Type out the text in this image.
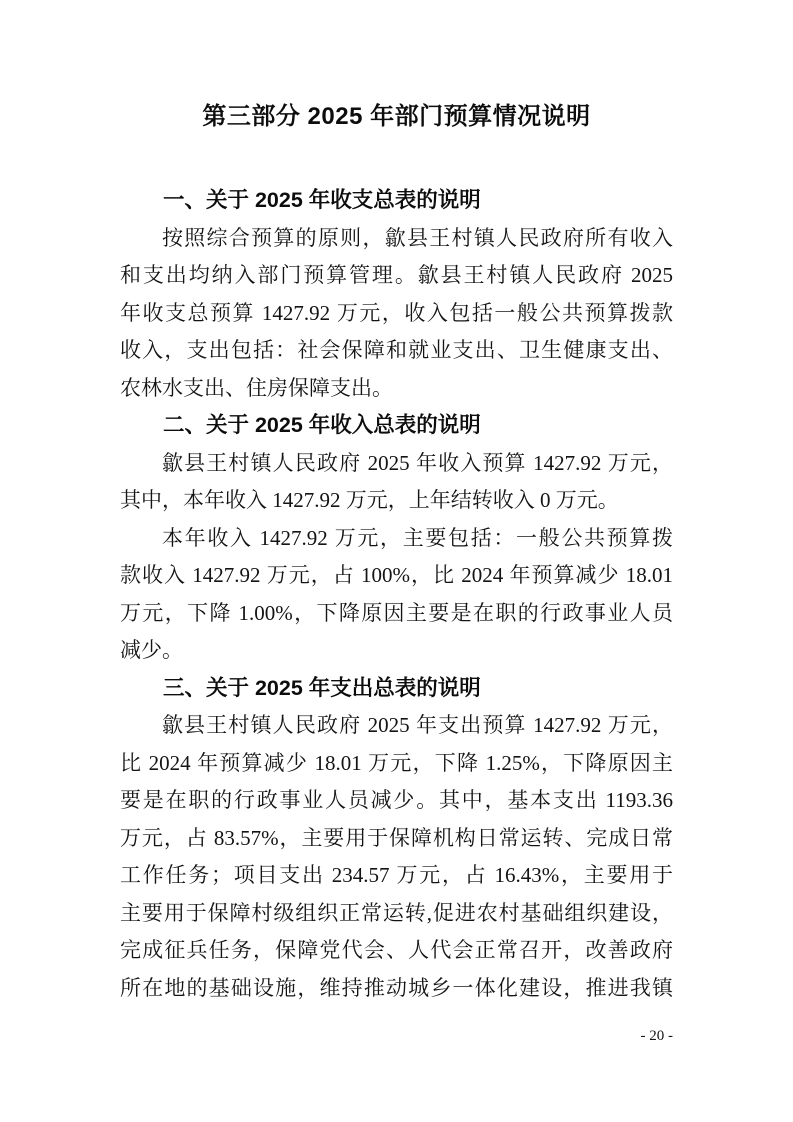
第三部分 2025 年部门预算情况说明
一、关于 2025 年收支总表的说明
按照综合预算的原则，歙县王村镇人民政府所有收入
和支出均纳入部门预算管理。歙县王村镇人民政府 2025
年收支总预算 1427.92 万元，收入包括一般公共预算拨款
收入，支出包括：社会保障和就业支出、卫生健康支出、
农林水支出、住房保障支出。
二、关于 2025 年收入总表的说明
歙县王村镇人民政府 2025 年收入预算 1427.92 万元，
其中，本年收入 1427.92 万元，上年结转收入 0 万元。
本年收入 1427.92 万元，主要包括：一般公共预算拨
款收入 1427.92 万元，占 100%，比 2024 年预算减少 18.01
万元，下降 1.00%，下降原因主要是在职的行政事业人员
减少。
三、关于 2025 年支出总表的说明
歙县王村镇人民政府 2025 年支出预算 1427.92 万元，
比 2024 年预算减少 18.01 万元，下降 1.25%，下降原因主
要是在职的行政事业人员减少。其中，基本支出 1193.36
万元，占 83.57%，主要用于保障机构日常运转、完成日常
工作任务；项目支出 234.57 万元，占 16.43%，主要用于
主要用于保障村级组织正常运转,促进农村基础组织建设，
完成征兵任务，保障党代会、人代会正常召开，改善政府
所在地的基础设施，维持推动城乡一体化建设，推进我镇
- 20 -
